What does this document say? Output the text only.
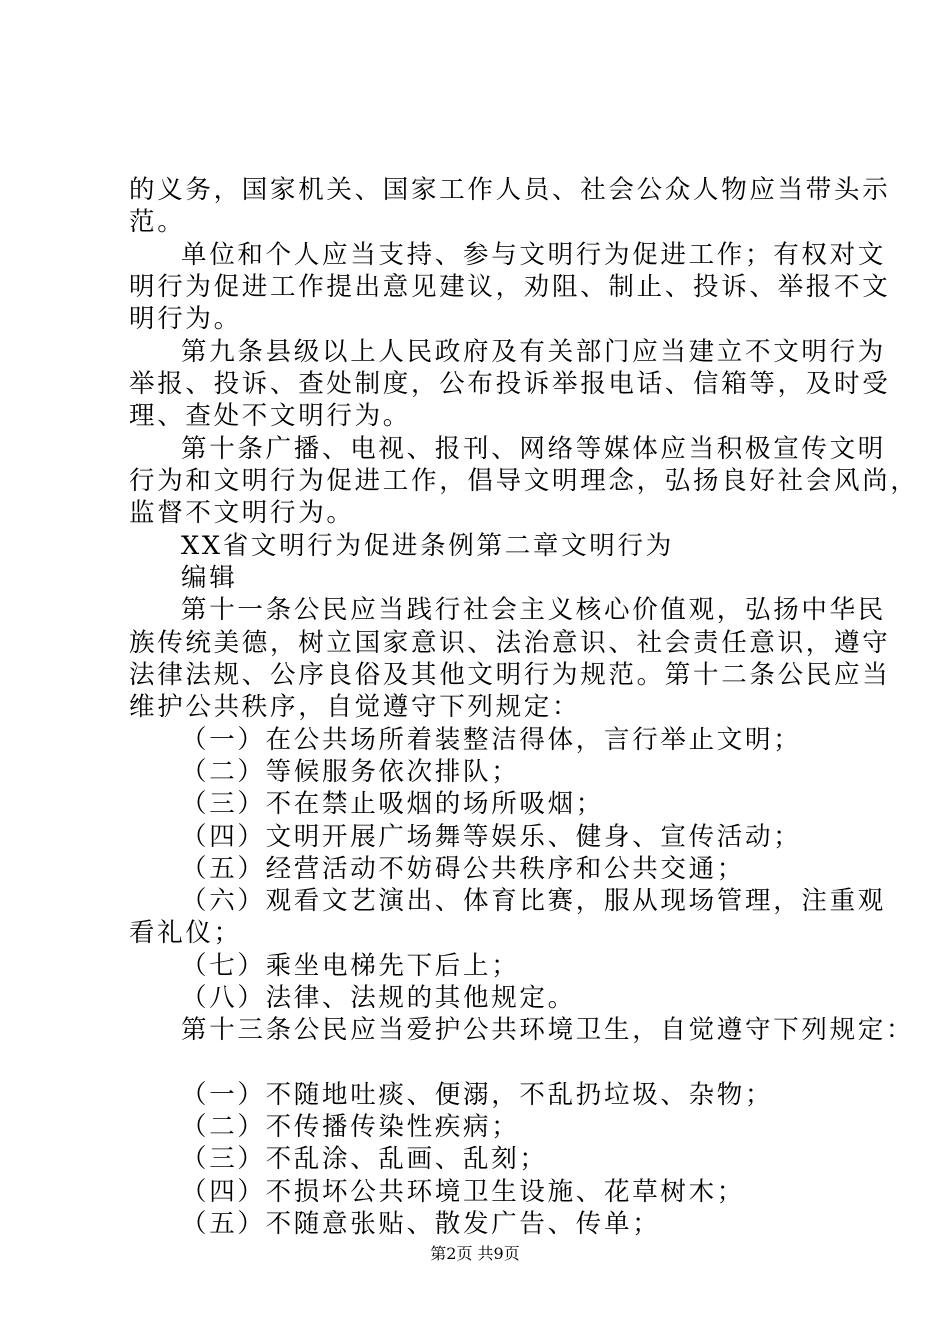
的义务，国家机关、国家工作人员、社会公众人物应当带头示
范。
单位和个人应当支持、参与文明行为促进工作；有权对文
明行为促进工作提出意见建议，劝阻、制止、投诉、举报不文
明行为。
第九条县级以上人民政府及有关部门应当建立不文明行为
举报、投诉、查处制度，公布投诉举报电话、信箱等，及时受
理、查处不文明行为。
第十条广播、电视、报刊、网络等媒体应当积极宣传文明
行为和文明行为促进工作，倡导文明理念，弘扬良好社会风尚，
监督不文明行为。
XX省文明行为促进条例第二章文明行为
编辑
第十一条公民应当践行社会主义核心价值观，弘扬中华民
族传统美德，树立国家意识、法治意识、社会责任意识，遵守
法律法规、公序良俗及其他文明行为规范。第十二条公民应当
维护公共秩序，自觉遵守下列规定：
（一）在公共场所着装整洁得体，言行举止文明；
（二）等候服务依次排队；
（三）不在禁止吸烟的场所吸烟；
（四）文明开展广场舞等娱乐、健身、宣传活动；
（五）经营活动不妨碍公共秩序和公共交通；
（六）观看文艺演出、体育比赛，服从现场管理，注重观
看礼仪；
（七）乘坐电梯先下后上；
（八）法律、法规的其他规定。
第十三条公民应当爱护公共环境卫生，自觉遵守下列规定：
（一）不随地吐痰、便溺，不乱扔垃圾、杂物；
（二）不传播传染性疾病；
（三）不乱涂、乱画、乱刻；
（四）不损坏公共环境卫生设施、花草树木；
（五）不随意张贴、散发广告、传单；
第2页 共9页
